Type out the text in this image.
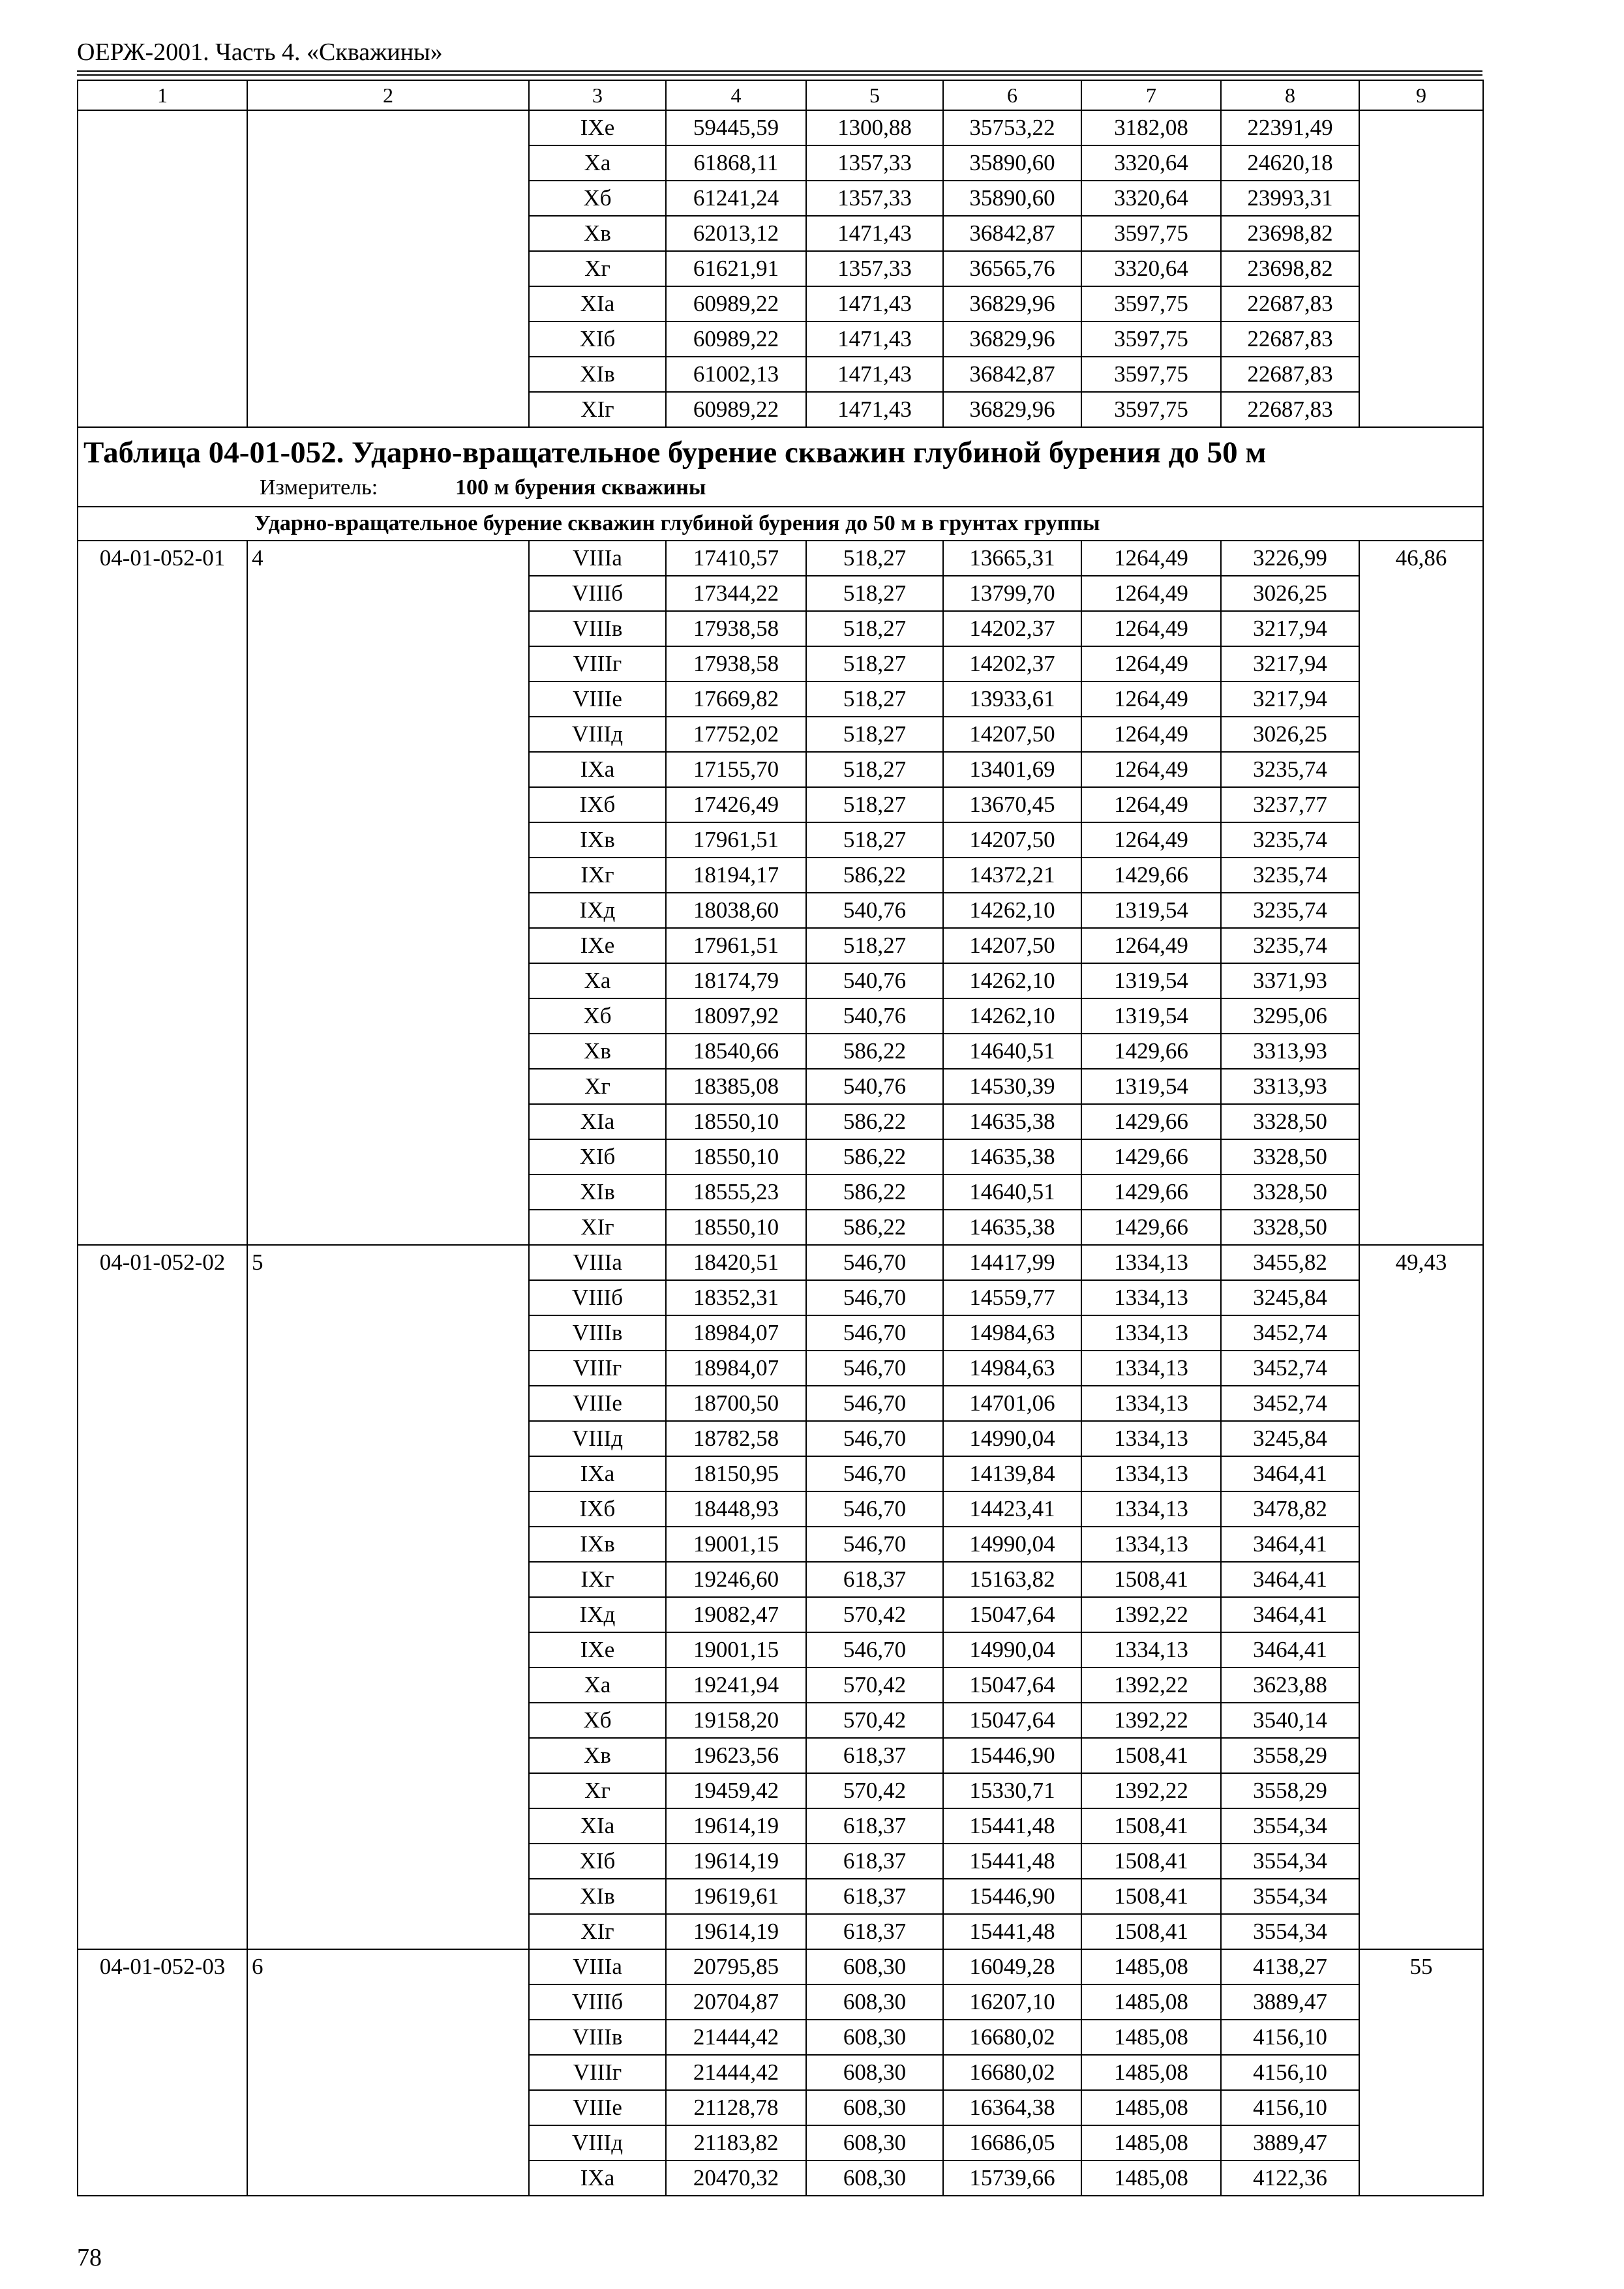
ОЕРЖ-2001. Часть 4. «Скважины»
1	2	3	4	5	6	7	8	9
		IXе	59445,59	1300,88	35753,22	3182,08	22391,49	
		Xа	61868,11	1357,33	35890,60	3320,64	24620,18	
		Xб	61241,24	1357,33	35890,60	3320,64	23993,31	
		Xв	62013,12	1471,43	36842,87	3597,75	23698,82	
		Xг	61621,91	1357,33	36565,76	3320,64	23698,82	
		XIа	60989,22	1471,43	36829,96	3597,75	22687,83	
		XIб	60989,22	1471,43	36829,96	3597,75	22687,83	
		XIв	61002,13	1471,43	36842,87	3597,75	22687,83	
		XIг	60989,22	1471,43	36829,96	3597,75	22687,83	

Таблица 04-01-052. Ударно-вращательное бурение скважин глубиной бурения до 50 м
Измеритель: 100 м бурения скважины								

Ударно-вращательное бурение скважин глубиной бурения до 50 м в грунтах группы								
04-01-052-01	4	VIIIа	17410,57	518,27	13665,31	1264,49	3226,99	46,86
		VIIIб	17344,22	518,27	13799,70	1264,49	3026,25	
		VIIIв	17938,58	518,27	14202,37	1264,49	3217,94	
		VIIIг	17938,58	518,27	14202,37	1264,49	3217,94	
		VIIIе	17669,82	518,27	13933,61	1264,49	3217,94	
		VIIIд	17752,02	518,27	14207,50	1264,49	3026,25	
		IXа	17155,70	518,27	13401,69	1264,49	3235,74	
		IXб	17426,49	518,27	13670,45	1264,49	3237,77	
		IXв	17961,51	518,27	14207,50	1264,49	3235,74	
		IXг	18194,17	586,22	14372,21	1429,66	3235,74	
		IXд	18038,60	540,76	14262,10	1319,54	3235,74	
		IXе	17961,51	518,27	14207,50	1264,49	3235,74	
		Xа	18174,79	540,76	14262,10	1319,54	3371,93	
		Xб	18097,92	540,76	14262,10	1319,54	3295,06	
		Xв	18540,66	586,22	14640,51	1429,66	3313,93	
		Xг	18385,08	540,76	14530,39	1319,54	3313,93	
		XIа	18550,10	586,22	14635,38	1429,66	3328,50	
		XIб	18550,10	586,22	14635,38	1429,66	3328,50	
		XIв	18555,23	586,22	14640,51	1429,66	3328,50	
		XIг	18550,10	586,22	14635,38	1429,66	3328,50	
04-01-052-02	5	VIIIа	18420,51	546,70	14417,99	1334,13	3455,82	49,43
		VIIIб	18352,31	546,70	14559,77	1334,13	3245,84	
		VIIIв	18984,07	546,70	14984,63	1334,13	3452,74	
		VIIIг	18984,07	546,70	14984,63	1334,13	3452,74	
		VIIIе	18700,50	546,70	14701,06	1334,13	3452,74	
		VIIIд	18782,58	546,70	14990,04	1334,13	3245,84	
		IXа	18150,95	546,70	14139,84	1334,13	3464,41	
		IXб	18448,93	546,70	14423,41	1334,13	3478,82	
		IXв	19001,15	546,70	14990,04	1334,13	3464,41	
		IXг	19246,60	618,37	15163,82	1508,41	3464,41	
		IXд	19082,47	570,42	15047,64	1392,22	3464,41	
		IXе	19001,15	546,70	14990,04	1334,13	3464,41	
		Xа	19241,94	570,42	15047,64	1392,22	3623,88	
		Xб	19158,20	570,42	15047,64	1392,22	3540,14	
		Xв	19623,56	618,37	15446,90	1508,41	3558,29	
		Xг	19459,42	570,42	15330,71	1392,22	3558,29	
		XIа	19614,19	618,37	15441,48	1508,41	3554,34	
		XIб	19614,19	618,37	15441,48	1508,41	3554,34	
		XIв	19619,61	618,37	15446,90	1508,41	3554,34	
		XIг	19614,19	618,37	15441,48	1508,41	3554,34	
04-01-052-03	6	VIIIа	20795,85	608,30	16049,28	1485,08	4138,27	55
		VIIIб	20704,87	608,30	16207,10	1485,08	3889,47	
		VIIIв	21444,42	608,30	16680,02	1485,08	4156,10	
		VIIIг	21444,42	608,30	16680,02	1485,08	4156,10	
		VIIIе	21128,78	608,30	16364,38	1485,08	4156,10	
		VIIIд	21183,82	608,30	16686,05	1485,08	3889,47	
		IXа	20470,32	608,30	15739,66	1485,08	4122,36	
78
